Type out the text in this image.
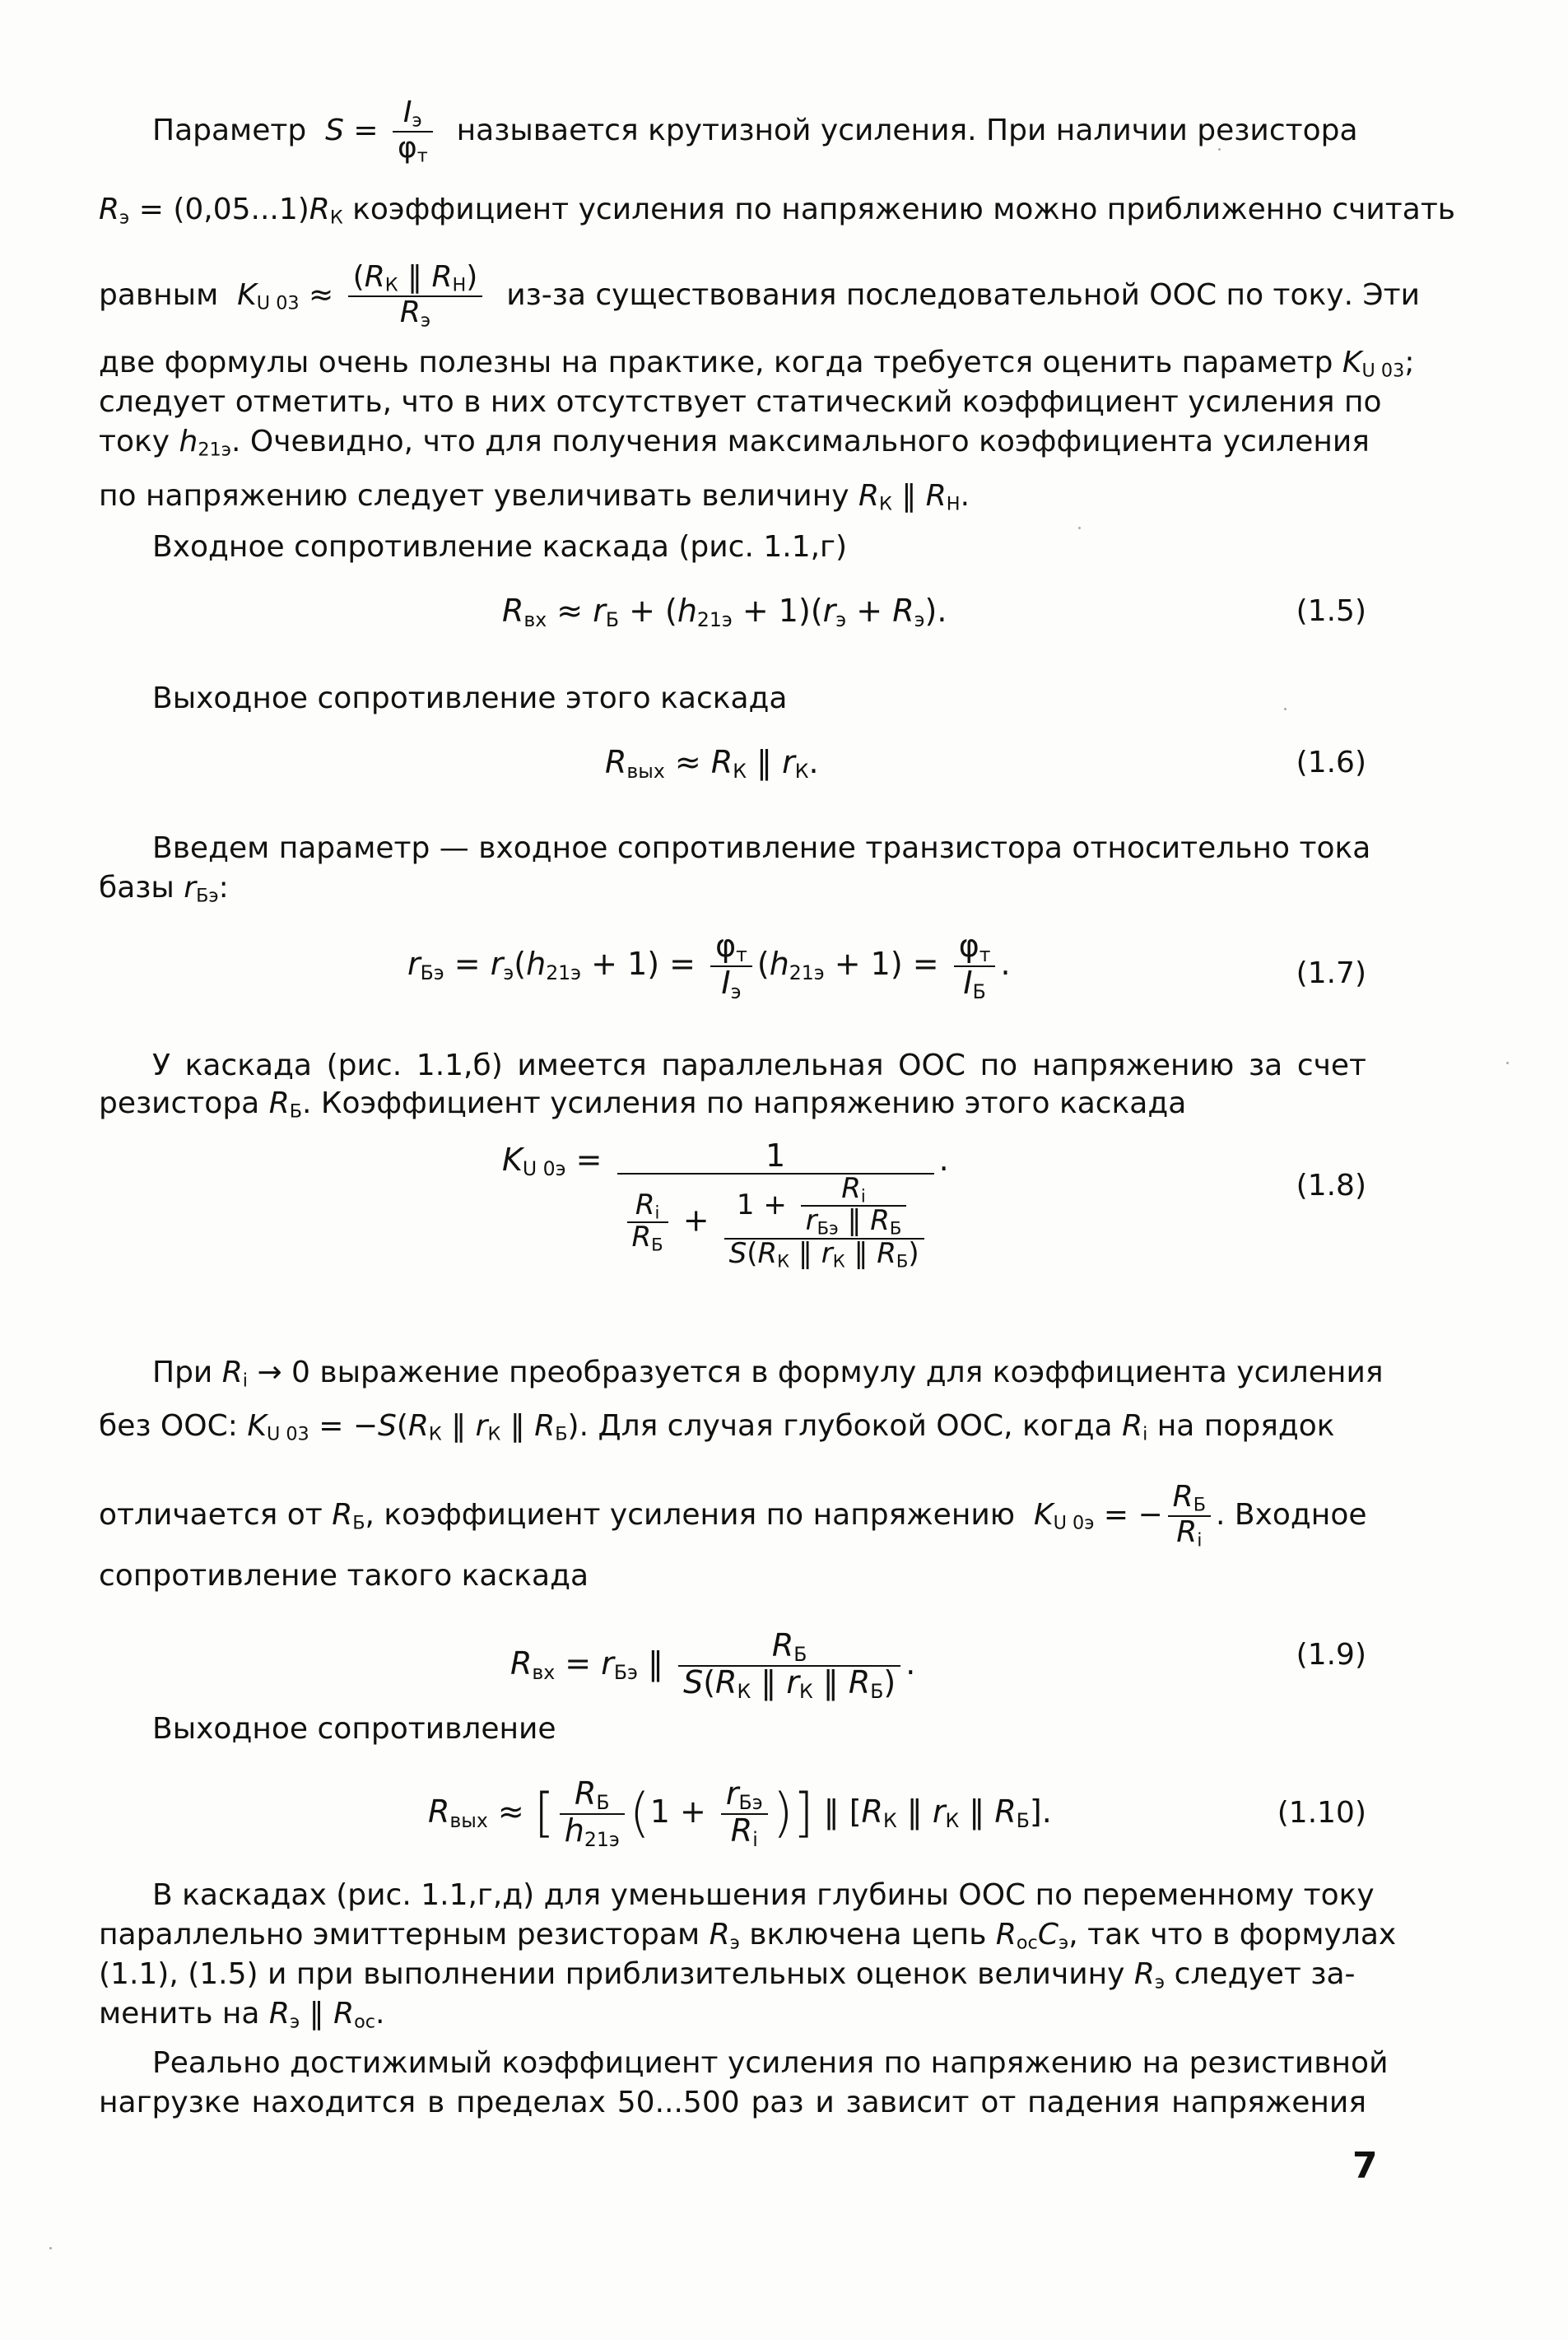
Параметр  $S = \frac{I_э}{\varphi_т}$ называется крутизной усиления. При наличии резистора
$R_э = (0,05...1)R_К$ коэффициент усиления по напряжению можно приближенно считать
равным  $K_{U 03} \approx \frac{(R_К ‖ R_Н)}{R_э} из-за$ существования последовательной ООС по току. Эти
две формулы очень полезны на практике, когда требуется оценить параметр $K_{U 03}$;
следует отметить, что в них отсутствует статический коэффициент усиления по
току $h_{21э}$. Очевидно, что для получения максимального коэффициента усиления
по напряжению следует увеличивать величину $R_К$ ‖ $R_Н$.
Входное сопротивление каскада (рис. 1.1,г)
$R_{вх} \approx r_Б + (h_{21э} + 1)(r_э + R_э)$.	(1.5)
Выходное сопротивление этого каскада
$R_{вых} \approx R_К$ ‖ $r_К$.	(1.6)
Введем параметр — входное сопротивление транзистора относительно тока
базы $r_{Бэ}$:
$r_{Бэ} = r_э(h_{21э} + 1) = \frac{\varphi_т}{I_э} (h_{21э} + 1) = \frac{\varphi_т}{I_Б}$ .	(1.7)
У каскада (рис. 1.1,б) имеется параллельная ООС по напряжению за счет
резистора $R_Б$. Коэффициент усиления по напряжению этого каскада
$K_{U 0э}$ =	1
$\frac{R_i}{R_Б} + \frac{1 + \frac{R_i}{r_{Бэ} ‖ R_Б}}{S(R_К ‖ r_К ‖ R_Б)}$
.
(1.8)
При $R_i \to 0$ выражение преобразуется в формулу для коэффициента усиления
без ООС: $K_{U 03} = -S(R_К$ ‖ $r_К$ ‖ $R_Б$). Для случая глубокой ООС, когда $R_i$ на порядок
отличается от $R_Б$, коэффициент усиления по напряжению  $K_{U 0э}$ = − $\frac{R_Б}{R_i}$ . Входное
сопротивление такого каскада
$R_{вх} = r_{Бэ}$ ‖ $\frac{R_Б}{S(R_К ‖ r_К ‖ R_Б)}$ .	(1.9)
Выходное сопротивление
$R_{вых}$ ≈ [ $\frac{R_Б}{h_{21э}} (1 + \frac{r_{Бэ}}{R_i}$ )] ‖ [$R_К$ ‖ $r_К$ ‖ $R_Б$].	(1.10)
В каскадах (рис. 1.1,г,д) для уменьшения глубины ООС по переменному току
параллельно эмиттерным резисторам $R_э$ включена цепь $R_{ос}C_э$, так что в формулах
(1.1), (1.5) и при выполнении приблизительных оценок величину $R_э$ следует за-
менить на $R_э$ ‖ $R_{ос}$.
Реально достижимый коэффициент усиления по напряжению на резистивной
нагрузке находится в пределах 50...500 раз и зависит от падения напряжения
7
